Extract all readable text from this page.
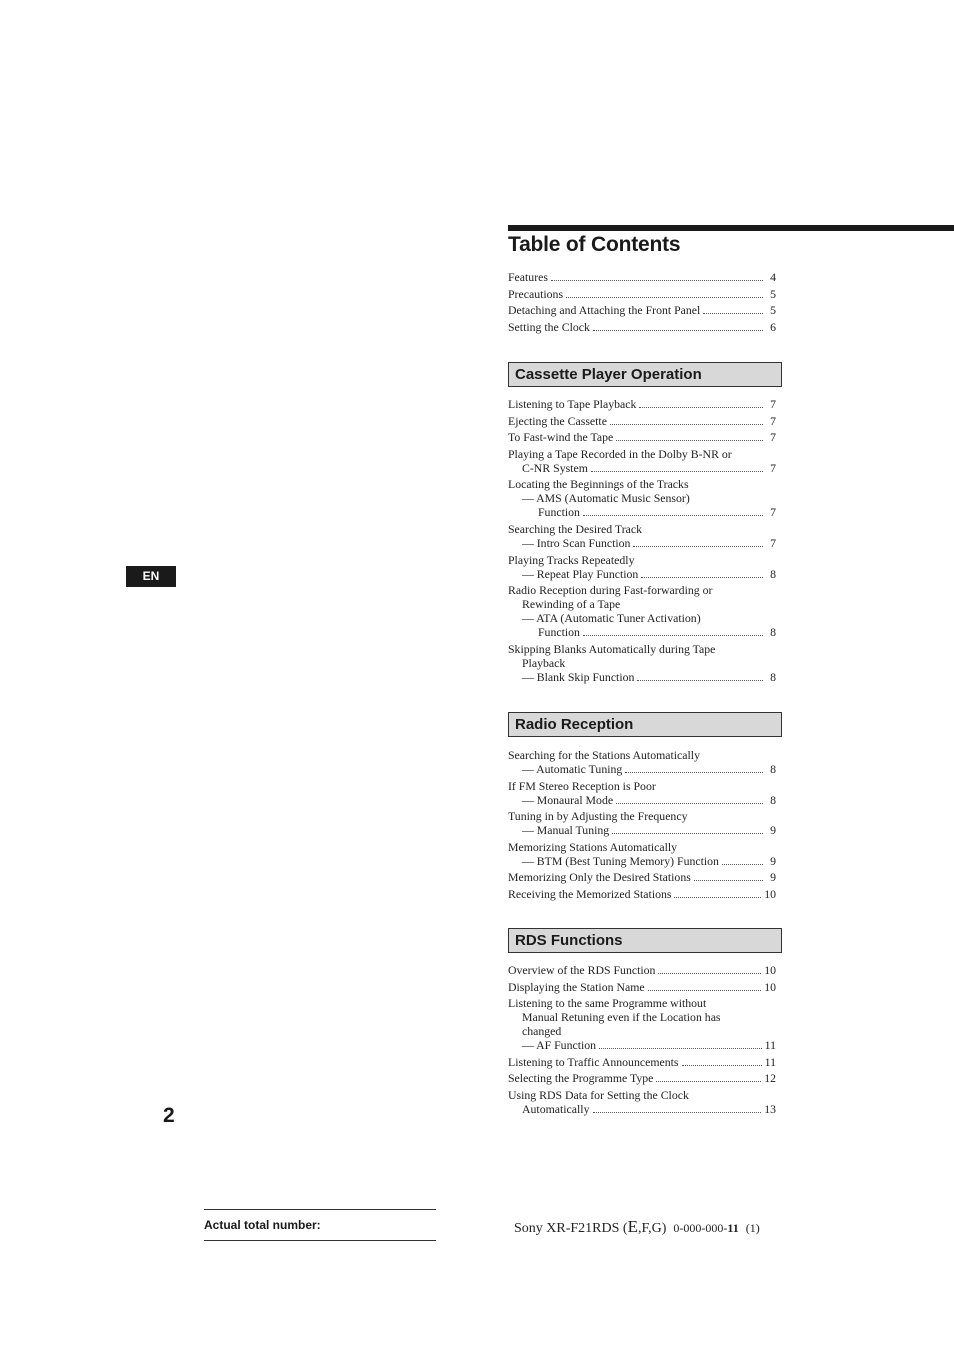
Table of Contents
Features	4
Precautions	5
Detaching and Attaching the Front Panel	5
Setting the Clock	6
Cassette Player Operation
Listening to Tape Playback	7
Ejecting the Cassette	7
To Fast-wind the Tape	7
Playing a Tape Recorded in the Dolby B-NR or
C-NR System	7
Locating the Beginnings of the Tracks
— AMS (Automatic Music Sensor)
Function	7
Searching the Desired Track
— Intro Scan Function	7
Playing Tracks Repeatedly
— Repeat Play Function	8
Radio Reception during Fast-forwarding or
Rewinding of a Tape
— ATA (Automatic Tuner Activation)
Function	8
Skipping Blanks Automatically during Tape
Playback
— Blank Skip Function	8
Radio Reception
Searching for the Stations Automatically
— Automatic Tuning	8
If FM Stereo Reception is Poor
— Monaural Mode	8
Tuning in by Adjusting the Frequency
— Manual Tuning	9
Memorizing Stations Automatically
— BTM (Best Tuning Memory) Function	9
Memorizing Only the Desired Stations	9
Receiving the Memorized Stations	10
RDS Functions
Overview of the RDS Function	10
Displaying the Station Name	10
Listening to the same Programme without
Manual Retuning even if the Location has
changed
— AF Function	11
Listening to Traffic Announcements	11
Selecting the Programme Type	12
Using RDS Data for Setting the Clock
Automatically	13
EN
2
Actual total number:	Sony XR-F21RDS (E,F,G) 0-000-000-11 (1)
